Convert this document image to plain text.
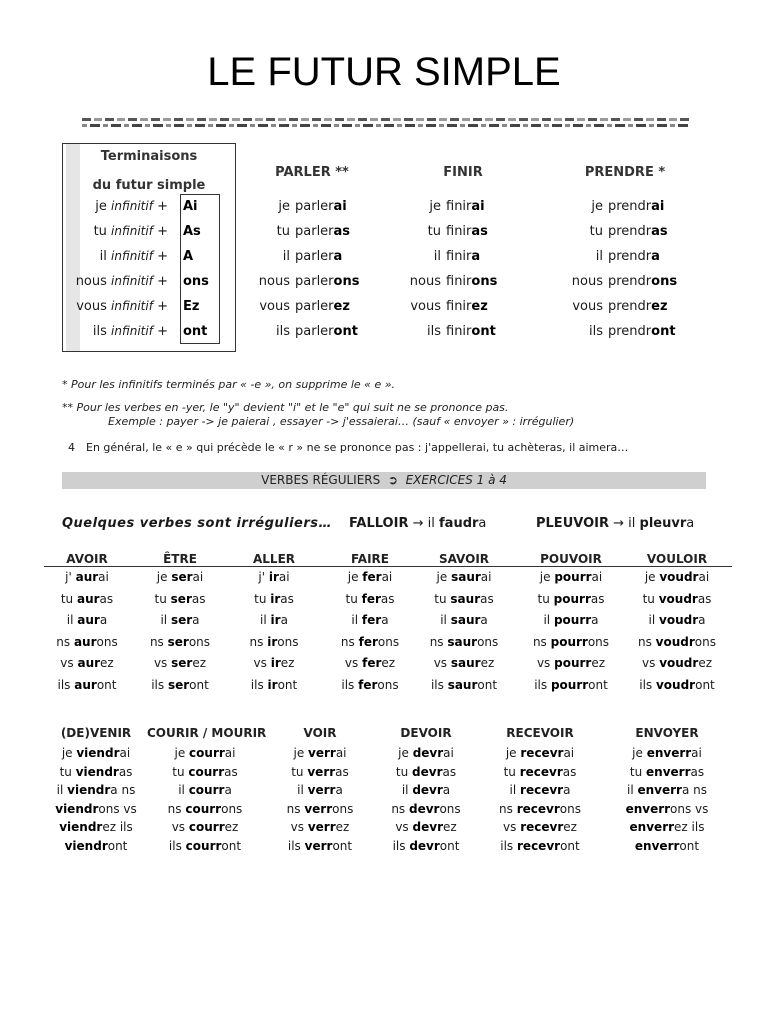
LE FUTUR SIMPLE
Terminaisons
du futur simple
je infinitif + Ai
tu infinitif + As
il infinitif + A
nous infinitif + ons
vous infinitif + Ez
ils infinitif + ont
PARLER **
je parlerai
tu parleras
il parlera
nous parlerons
vous parlerez
ils parleront
FINIR
je finirai
tu finiras
il finira
nous finirons
vous finirez
ils finiront
PRENDRE *
je prendrai
tu prendras
il prendra
nous prendrons
vous prendrez
ils prendront
* Pour les infinitifs terminés par « -e », on supprime le « e ».
** Pour les verbes en -yer, le "y" devient "i" et le "e" qui suit ne se prononce pas.
Exemple : payer -> je paierai , essayer -> j'essaierai… (sauf « envoyer » : irrégulier)
4 En général, le « e » qui précède le « r » ne se prononce pas : j'appellerai, tu achèteras, il aimera…
VERBES RÉGULIERS ➲ EXERCICES 1 à 4
Quelques verbes sont irréguliers… FALLOIR → il faudra	PLEUVOIR → il pleuvra
AVOIR
j' aurai
tu auras
il aura
ns aurons
vs aurez
ils auront
ÊTRE
je serai
tu seras
il sera
ns serons
vs serez
ils seront
ALLER
j' irai
tu iras
il ira
ns irons
vs irez
ils iront
FAIRE
je ferai
tu feras
il fera
ns ferons
vs ferez
ils ferons
SAVOIR
je saurai
tu sauras
il saura
ns saurons
vs saurez
ils sauront
POUVOIR
je pourrai
tu pourras
il pourra
ns pourrons
vs pourrez
ils pourront
VOULOIR
je voudrai
tu voudras
il voudra
ns voudrons
vs voudrez
ils voudront
(DE)VENIR
je viendrai
tu viendras
il viendra ns
viendrons vs
viendrez ils
viendront
COURIR / MOURIR
je courrai
tu courras
il courra
ns courrons
vs courrez
ils courront
VOIR
je verrai
tu verras
il verra
ns verrons
vs verrez
ils verront
DEVOIR
je devrai
tu devras
il devra
ns devrons
vs devrez
ils devront
RECEVOIR
je recevrai
tu recevras
il recevra
ns recevrons
vs recevrez
ils recevront
ENVOYER
je enverrai
tu enverras
il enverra ns
enverrons vs
enverrez ils
enverront
